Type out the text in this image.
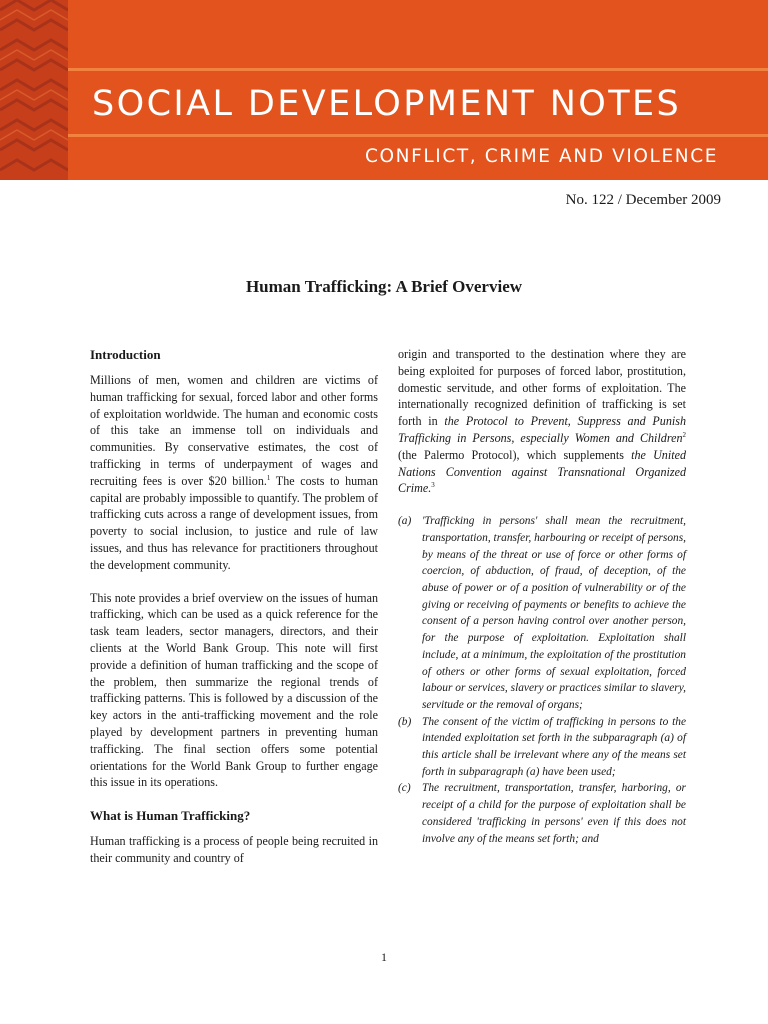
SOCIAL DEVELOPMENT NOTES
CONFLICT, CRIME AND VIOLENCE
No. 122 / December 2009
Human Trafficking: A Brief Overview
Introduction

Millions of men, women and children are victims of human trafficking for sexual, forced labor and other forms of exploitation worldwide. The human and economic costs of this take an immense toll on individuals and communities. By conservative estimates, the cost of trafficking in terms of underpayment of wages and recruiting fees is over $20 billion.$^1$ The costs to human capital are probably impossible to quantify. The problem of trafficking cuts across a range of development issues, from poverty to social inclusion, to justice and rule of law issues, and thus has relevance for practitioners throughout the development community.

This note provides a brief overview on the issues of human trafficking, which can be used as a quick reference for the task team leaders, sector managers, directors, and their clients at the World Bank Group. This note will first provide a definition of human trafficking and the scope of the problem, then summarize the regional trends of trafficking patterns. This is followed by a discussion of the key actors in the anti-trafficking movement and the role played by development partners in preventing human trafficking. The final section offers some potential orientations for the World Bank Group to further engage this issue in its operations.

What is Human Trafficking?

Human trafficking is a process of people being recruited in their community and country of

origin and transported to the destination where they are being exploited for purposes of forced labor, prostitution, domestic servitude, and other forms of exploitation. The internationally recognized definition of trafficking is set forth in the Protocol to Prevent, Suppress and Punish Trafficking in Persons, especially Women and Children$^2$ (the Palermo Protocol), which supplements the United Nations Convention against Transnational Organized Crime.$^3$

(a) 'Trafficking in persons' shall mean the recruitment, transportation, transfer, harbouring or receipt of persons, by means of the threat or use of force or other forms of coercion, of abduction, of fraud, of deception, of the abuse of power or of a position of vulnerability or of the giving or receiving of payments or benefits to achieve the consent of a person having control over another person, for the purpose of exploitation. Exploitation shall include, at a minimum, the exploitation of the prostitution of others or other forms of sexual exploitation, forced labour or services, slavery or practices similar to slavery, servitude or the removal of organs;
(b) The consent of the victim of trafficking in persons to the intended exploitation set forth in the subparagraph (a) of this article shall be irrelevant where any of the means set forth in subparagraph (a) have been used;
(c) The recruitment, transportation, transfer, harboring, or receipt of a child for the purpose of exploitation shall be considered 'trafficking in persons' even if this does not involve any of the means set forth; and
1
